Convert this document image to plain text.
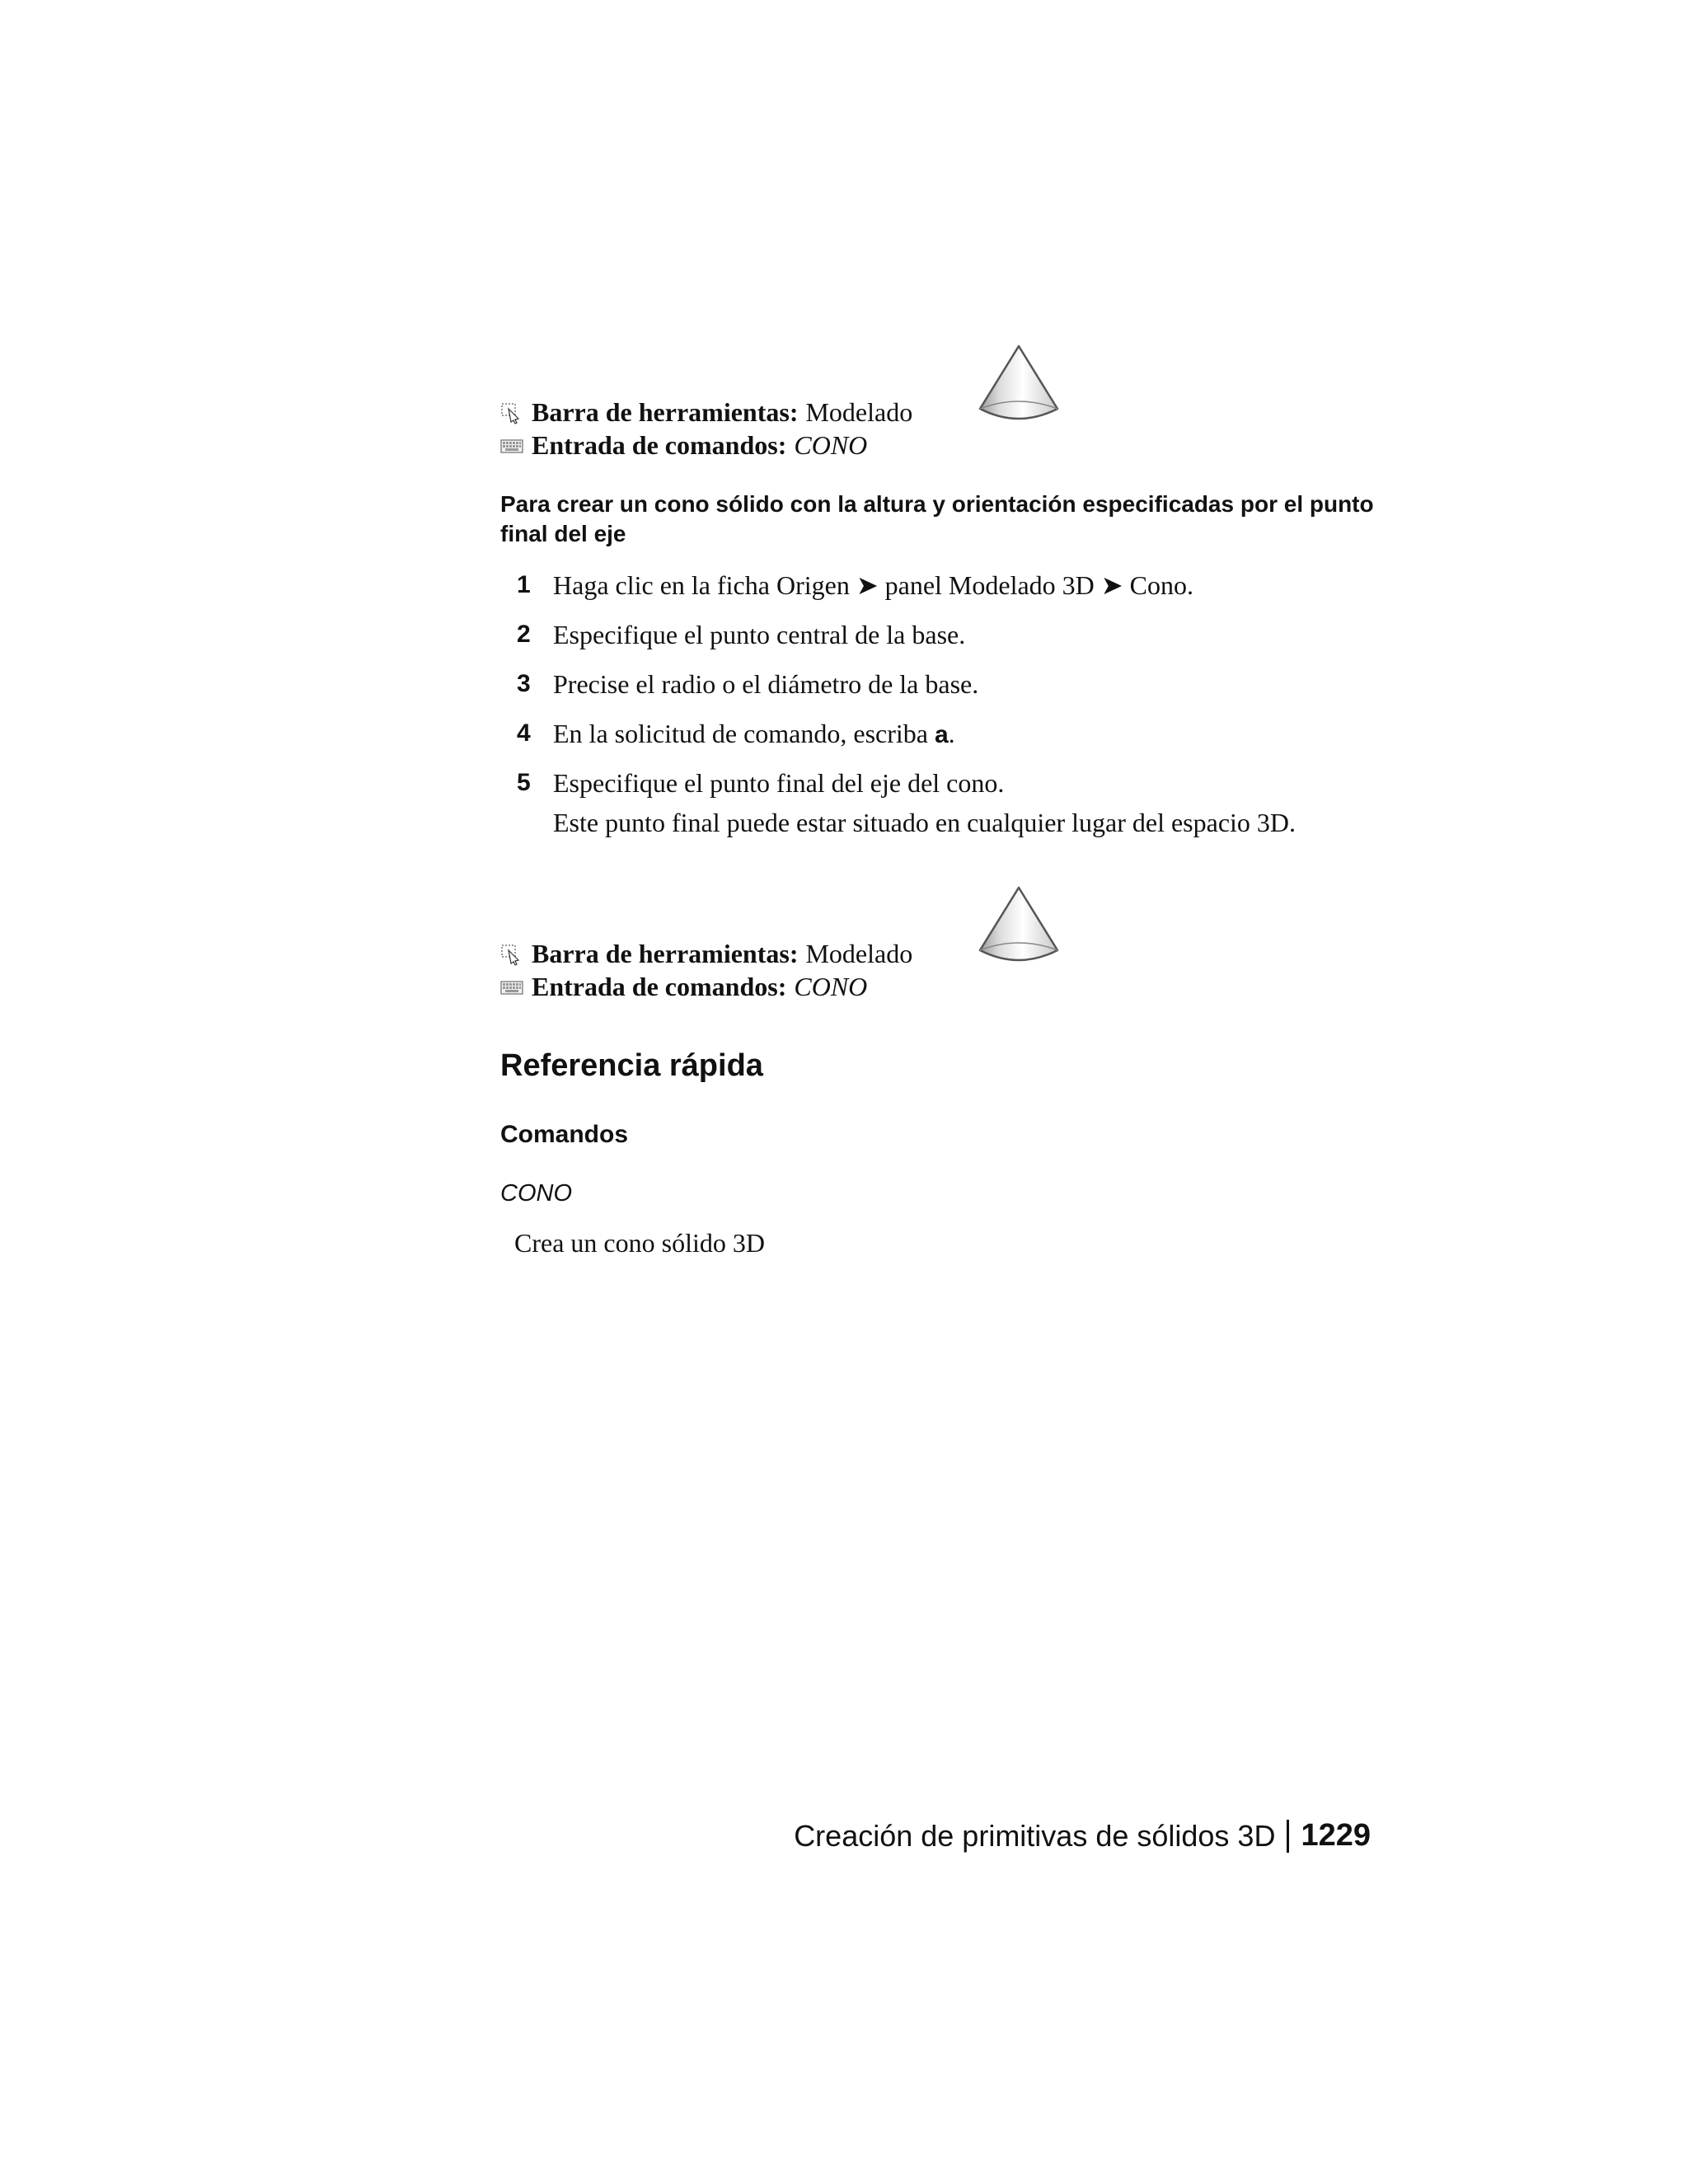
Barra de herramientas: Modelado
Entrada de comandos: CONO
Para crear un cono sólido con la altura y orientación especificadas por el punto final del eje
1 Haga clic en la ficha Origen ➤ panel Modelado 3D ➤ Cono.
2 Especifique el punto central de la base.
3 Precise el radio o el diámetro de la base.
4 En la solicitud de comando, escriba a.
5 Especifique el punto final del eje del cono.
Este punto final puede estar situado en cualquier lugar del espacio 3D.
Barra de herramientas: Modelado
Entrada de comandos: CONO
Referencia rápida
Comandos
CONO
Crea un cono sólido 3D
Creación de primitivas de sólidos 3D 1229
